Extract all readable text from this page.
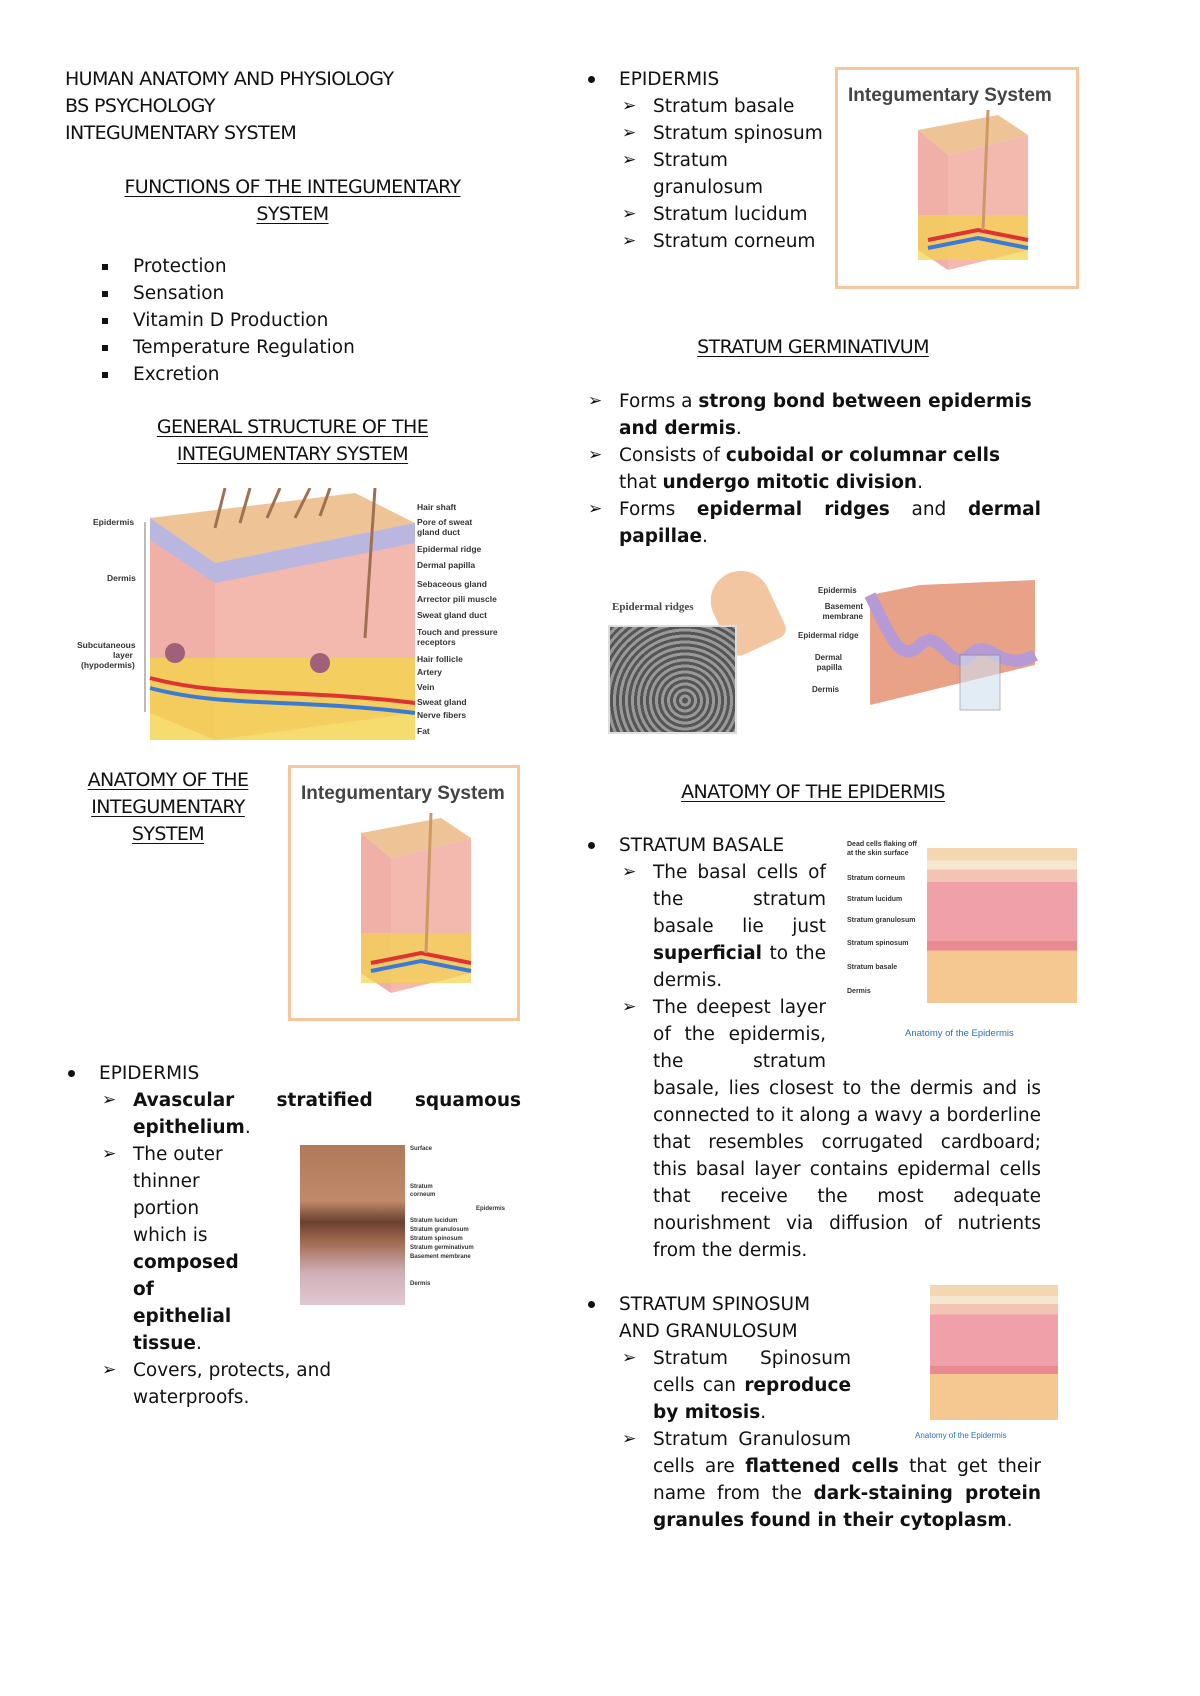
HUMAN ANATOMY AND PHYSIOLOGY
BS PSYCHOLOGY
INTEGUMENTARY SYSTEM
FUNCTIONS OF THE INTEGUMENTARY
SYSTEM
Protection
Sensation
Vitamin D Production
Temperature Regulation
Excretion
GENERAL STRUCTURE OF THE
INTEGUMENTARY SYSTEM
Epidermis
Dermis
Subcutaneous
layer
(hypodermis)
Hair shaft
Pore of sweat
gland duct
Epidermal ridge
Dermal papilla
Sebaceous gland
Arrector pili muscle
Sweat gland duct
Touch and pressure
receptors
Hair follicle
Artery
Vein
Sweat gland
Nerve fibers
Fat
ANATOMY OF THE
INTEGUMENTARY
SYSTEM
Integumentary System
EPIDERMIS
➢ Avascular stratified squamous
epithelium.
➢ The outer thinner portion which is composed of epithelial tissue.
➢ Covers, protects, and waterproofs.
Surface
Stratum corneum
Stratum lucidum
Stratum granulosum
Stratum spinosum
Stratum germinativum
Basement membrane
Dermis
Epidermis
EPIDERMIS
➢ Stratum basale
➢ Stratum spinosum
➢ Stratum granulosum
➢ Stratum lucidum
➢ Stratum corneum
Integumentary System
STRATUM GERMINATIVUM
➢ Forms a strong bond between epidermis and dermis.
➢ Consists of cuboidal or columnar cells that undergo mitotic division.
➢ Forms epidermal ridges and dermal papillae.
Epidermal ridges
Epidermis
Basement membrane
Epidermal ridge
Dermal papilla
Dermis
ANATOMY OF THE EPIDERMIS
STRATUM BASALE	Dead cells flaking off at the skin surface
Stratum corneum
Stratum lucidum
Stratum granulosum
Stratum spinosum
Stratum basale
Dermis
Anatomy of the Epidermis
➢ The basal cells of the stratum basale lie just superficial to the dermis.
➢ The deepest layer of the epidermis, the stratum basale, lies closest to the dermis and is connected to it along a wavy a borderline that resembles corrugated cardboard; this basal layer contains epidermal cells that receive the most adequate nourishment via diffusion of nutrients from the dermis.
Anatomy of the Epidermis
STRATUM SPINOSUM AND GRANULOSUM
➢ Stratum Spinosum cells can reproduce by mitosis.
➢ Stratum Granulosum cells are flattened cells that get their name from the dark-staining protein granules found in their cytoplasm.
